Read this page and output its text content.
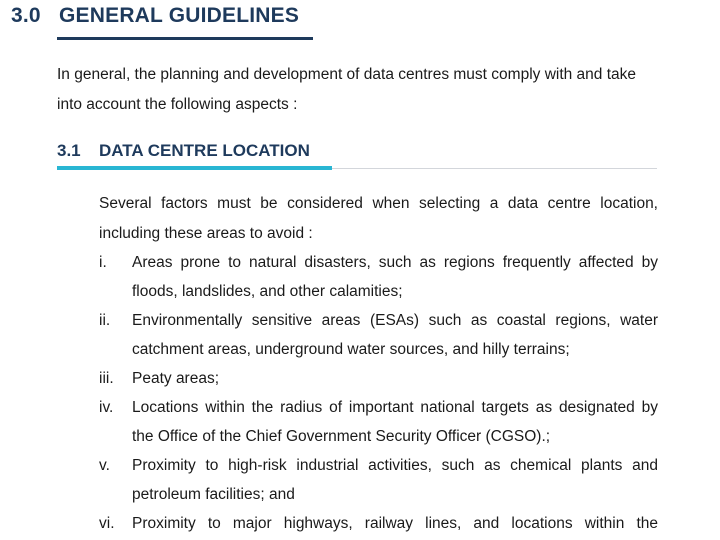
3.0 GENERAL GUIDELINES
In general, the planning and development of data centres must comply with and take into account the following aspects :
3.1 DATA CENTRE LOCATION
Several factors must be considered when selecting a data centre location, including these areas to avoid :
i. Areas prone to natural disasters, such as regions frequently affected by floods, landslides, and other calamities;
ii. Environmentally sensitive areas (ESAs) such as coastal regions, water catchment areas, underground water sources, and hilly terrains;
iii. Peaty areas;
iv. Locations within the radius of important national targets as designated by the Office of the Chief Government Security Officer (CGSO).;
v. Proximity to high-risk industrial activities, such as chemical plants and petroleum facilities; and
vi. Proximity to major highways, railway lines, and locations within the
